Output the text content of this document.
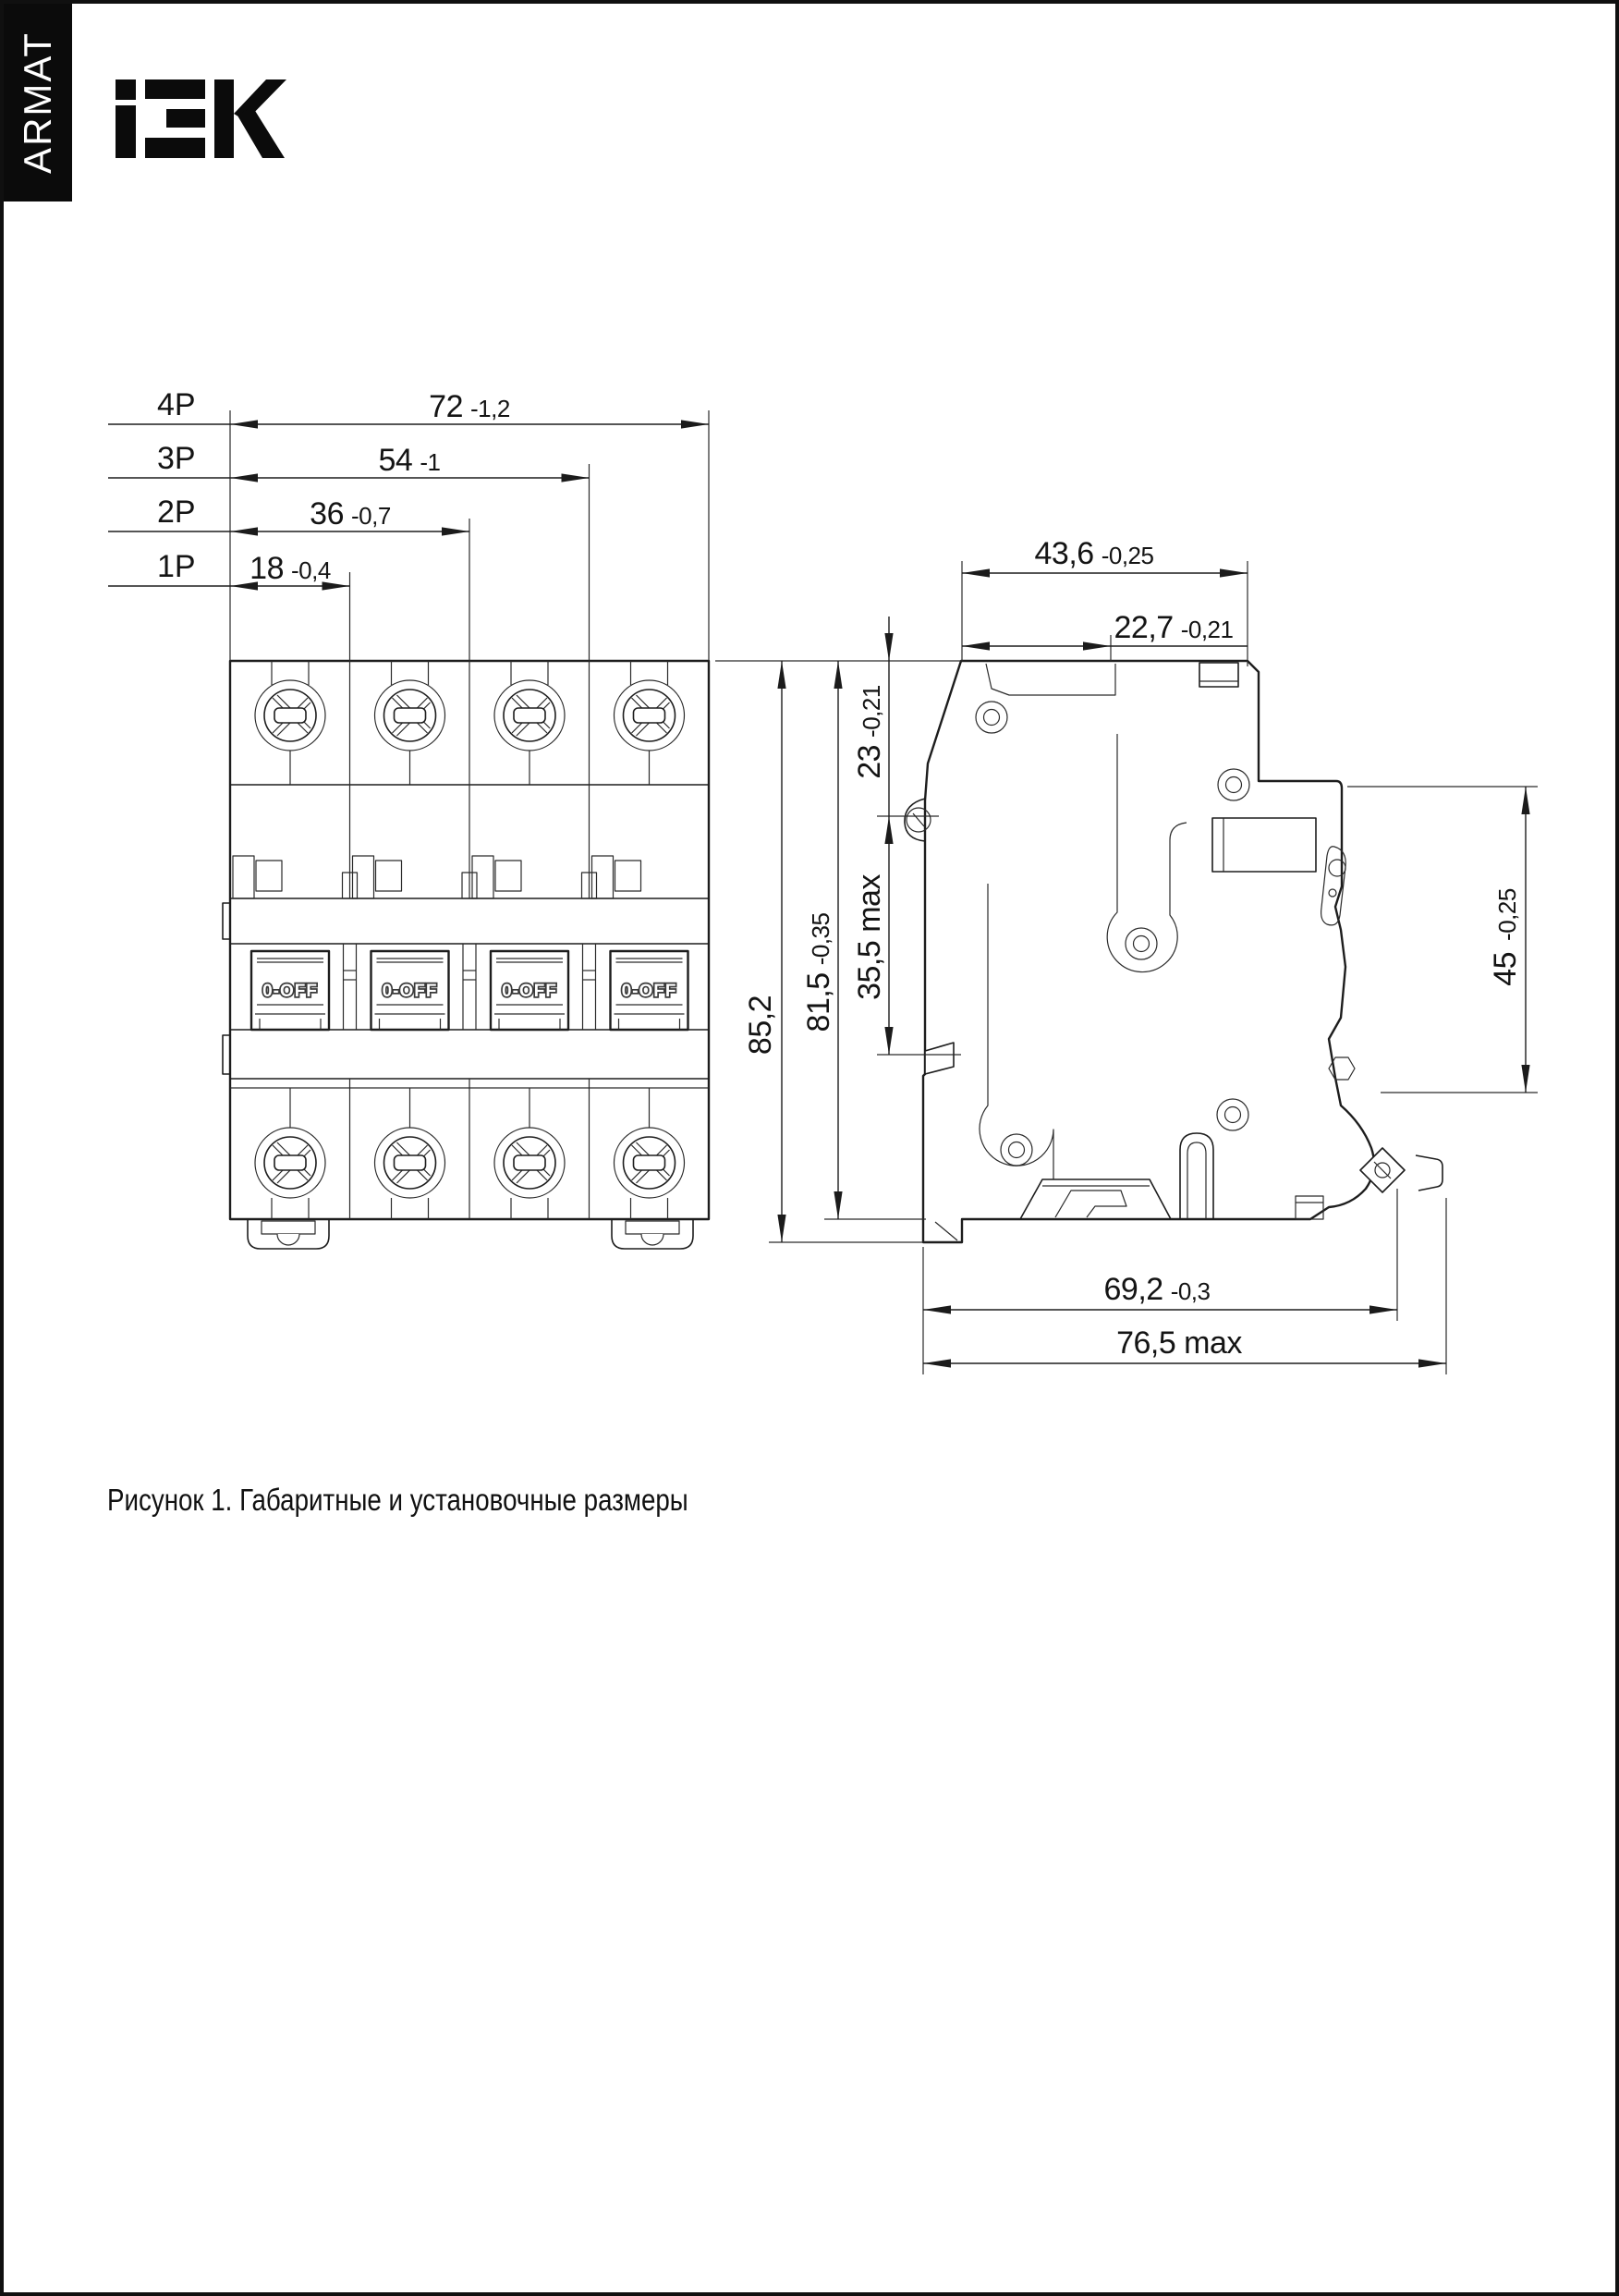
ARMAT
0-OFF	0-OFF	0-OFF	0-OFF
4P
3P
2P
1P
72 -1,2
54 -1
36 -0,7
18 -0,4
85,2 81,5-0,35
23-0,21
35,5 max
43,6 -0,25
22,7 -0,21
45-0,25
69,2 -0,3
76,5 max
Рисунок 1. Габаритные и установочные размеры
